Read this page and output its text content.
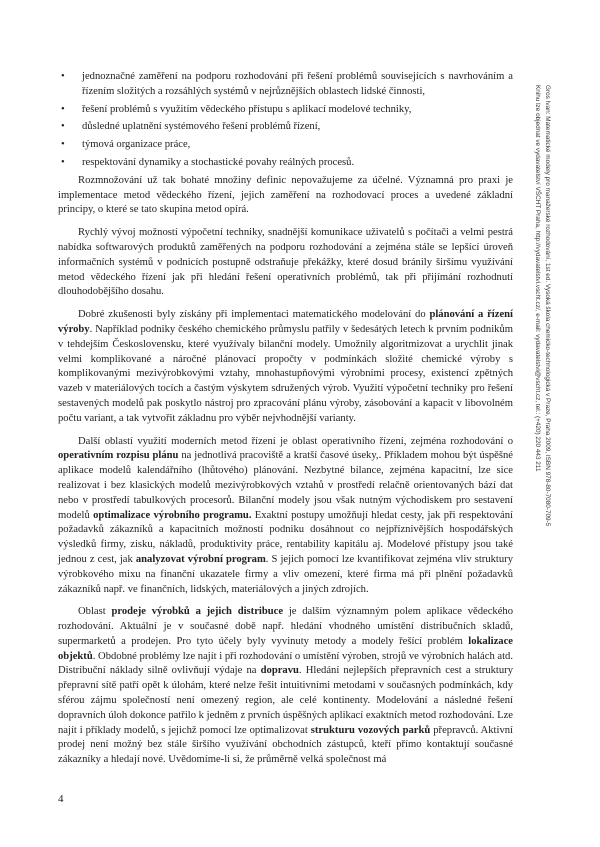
• jednoznačné zaměření na podporu rozhodování při řešení problémů souvisejících s navrhováním a řízením složitých a rozsáhlých systémů v nejrůznějších oblastech lidské činnosti,
• řešení problémů s využitím vědeckého přístupu s aplikací modelové techniky,
• důsledné uplatnění systémového řešení problémů řízení,
• týmová organizace práce,
• respektování dynamiky a stochastické povahy reálných procesů.

Rozmnožování už tak bohaté množiny definic nepovažujeme za účelné. Významná pro praxi je implementace metod vědeckého řízení, jejich zaměření na rozhodovací proces a uvedené základní principy, o které se tato skupina metod opírá.

Rychlý vývoj možností výpočetní techniky, snadnější komunikace uživatelů s počítači a velmi pestrá nabídka softwarových produktů zaměřených na podporu rozhodování a zejména stále se lepšící úroveň informačních systémů v podnicích postupně odstraňuje překážky, které dosud bránily širšímu využívání metod vědeckého řízení jak při hledání řešení operativních problémů, tak při přijímání rozhodnutí dlouhodobějšího dosahu.

Dobré zkušenosti byly získány při implementaci matematického modelování do plánování a řízení výroby. Například podniky českého chemického průmyslu patřily v šedesátých letech k prvním podnikům v tehdejším Československu, které využívaly bilanční modely. Umožnily algoritmizovat a urychlit jinak velmi komplikované a náročné plánovací propočty v podmínkách složité chemické výroby s komplikovanými mezivýrobkovými vztahy, mnohastupňovými výrobními procesy, existencí zpětných vazeb v materiálových tocích a častým výskytem sdružených výrob. Využití výpočetní techniky pro řešení sestavených modelů pak poskytlo nástroj pro zpracování plánu výroby, zásobování a kapacit v libovolném počtu variant, a tak vytvořit základnu pro výběr nejvhodnější varianty.

Další oblastí využití moderních metod řízení je oblast operativního řízení, zejména rozhodování o operativním rozpisu plánu na jednotlivá pracoviště a kratší časové úseky,. Příkladem mohou být úspěšné aplikace modelů kalendářního (lhůtového) plánování. Nezbytné bilance, zejména kapacitní, lze sice realizovat i bez klasických modelů mezivýrobkových vztahů v prostředí relačně orientovaných bází dat nebo v prostředí tabulkových procesorů. Bilanční modely jsou však nutným východiskem pro sestavení modelů optimalizace výrobního programu. Exaktní postupy umožňují hledat cesty, jak při respektování požadavků zákazníků a kapacitních možností podniku dosáhnout co nejpříznivějších hospodářských výsledků firmy, zisku, nákladů, produktivity práce, rentability kapitálu aj. Modelové přístupy jsou také jednou z cest, jak analyzovat výrobní program. S jejich pomocí lze kvantifikovat zejména vliv struktury výrobkového mixu na finanční ukazatele firmy a vliv omezení, které firma má při plnění požadavků zákazníků např. ve finančních, lidských, materiálových a jiných zdrojích.

Oblast prodeje výrobků a jejich distribuce je dalším významným polem aplikace vědeckého rozhodování. Aktuální je v současné době např. hledání vhodného umístění distribučních skladů, supermarketů a prodejen. Pro tyto účely byly vyvinuty metody a modely řešící problém lokalizace objektů. Obdobné problémy lze najít i při rozhodování o umístění výroben, strojů ve výrobních halách atd. Distribuční náklady silně ovlivňují výdaje na dopravu. Hledání nejlepších přepravních cest a struktury přepravní sítě patří opět k úlohám, které nelze řešit intuitivními metodami v současných podmínkách, kdy sférou zájmu společností není omezený region, ale celé kontinenty. Modelování a následné řešení dopravních úloh dokonce patřilo k jedněm z prvních úspěšných aplikací exaktních metod rozhodování. Lze najít i příklady modelů, s jejichž pomocí lze optimalizovat strukturu vozových parků přepravců. Aktivní prodej není možný bez stále širšího využívání obchodních zástupců, kteří přímo kontaktují současné zákazníky a hledají nové. Uvědomíme-li si, že průměrně velká společnost má

4
Gros Ivan: Matematické modely pro manažerské rozhodování, 1st ed. Vysoká škola chemicko-technologická v Praze, Praha 2009, ISBN 978-80-7080-709-5
Knihu lze objednat ve vydavatelství VŠCHT Praha, http://vydavatelstvi.vscht.cz/, e-mail: vydavatelstvi@vscht.cz, tel.: (+420) 220 443 211
